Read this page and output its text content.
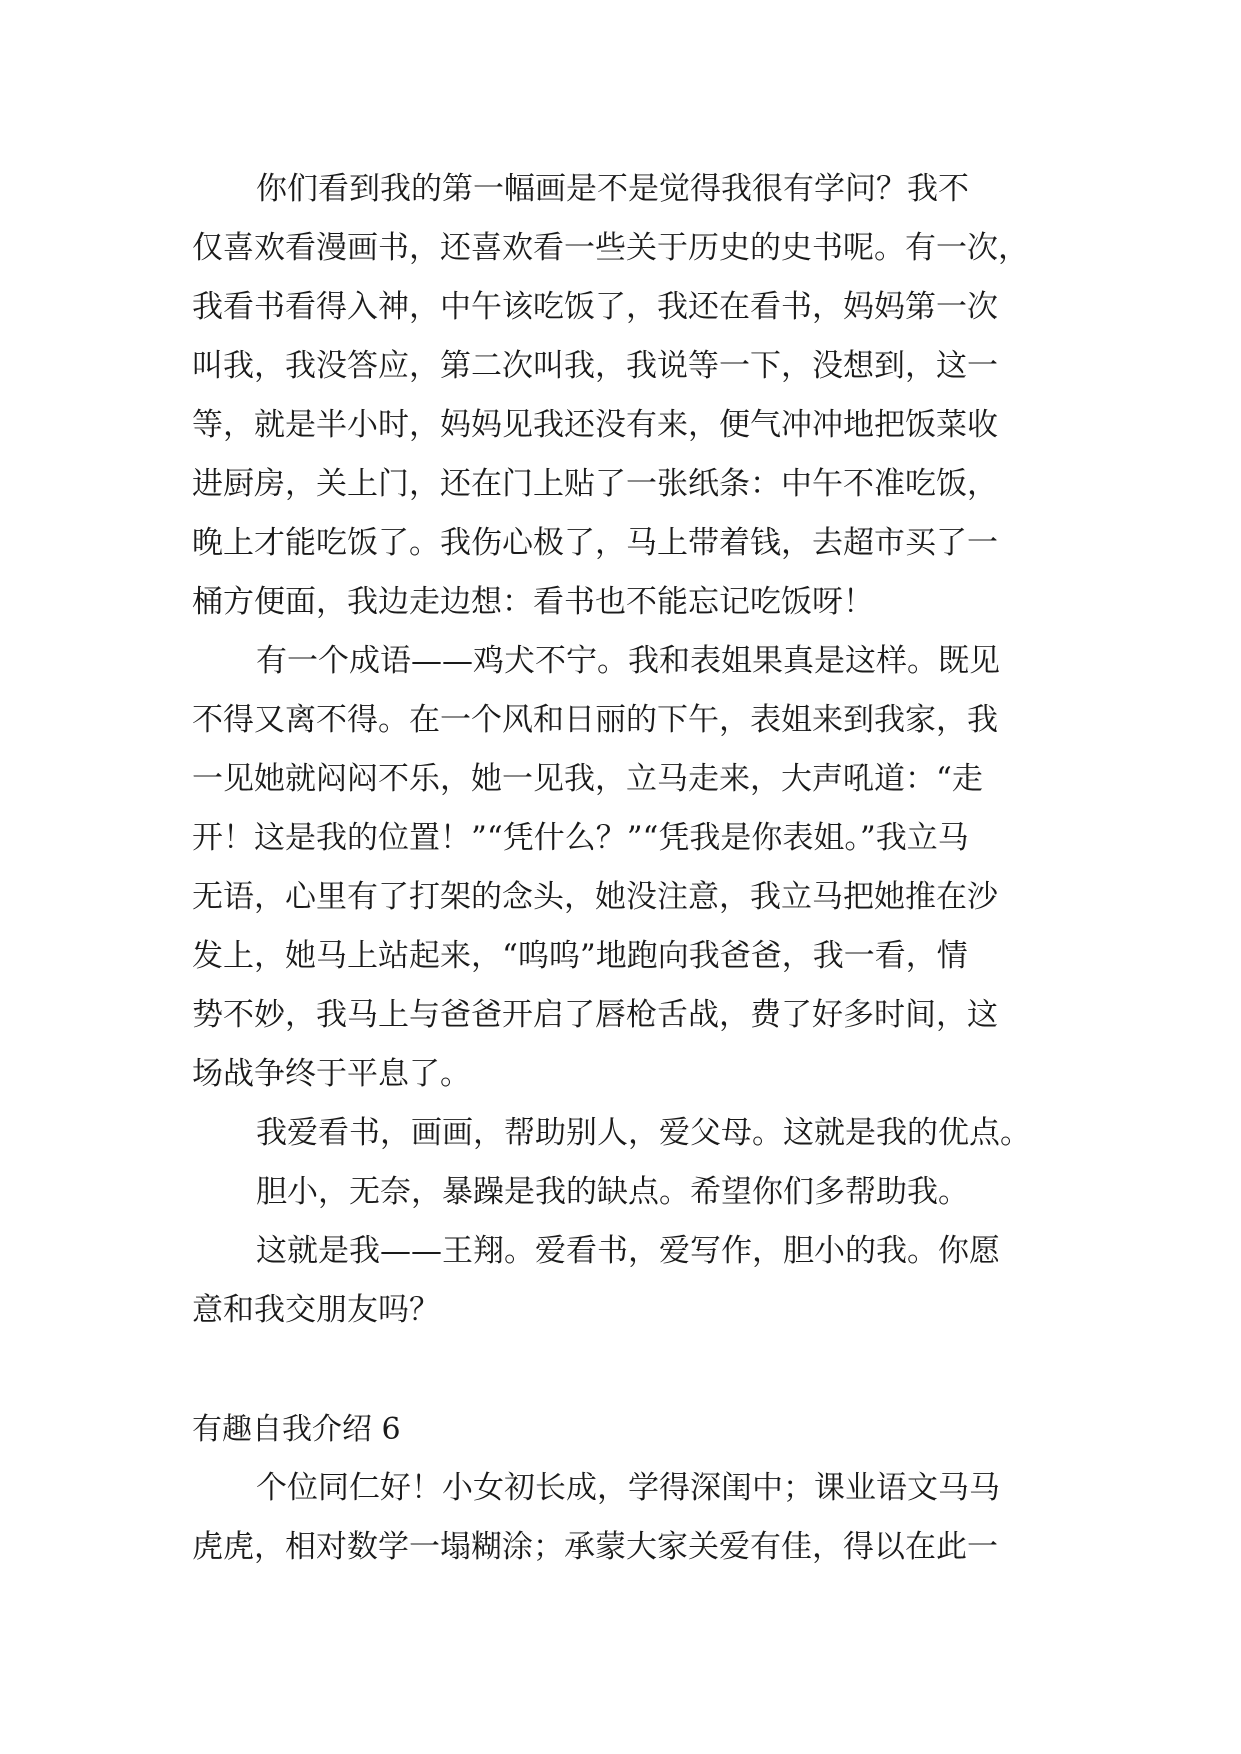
你们看到我的第一幅画是不是觉得我很有学问？我不
仅喜欢看漫画书，还喜欢看一些关于历史的史书呢。有一次，
我看书看得入神，中午该吃饭了，我还在看书，妈妈第一次
叫我，我没答应，第二次叫我，我说等一下，没想到，这一
等，就是半小时，妈妈见我还没有来，便气冲冲地把饭菜收
进厨房，关上门，还在门上贴了一张纸条：中午不准吃饭，
晚上才能吃饭了。我伤心极了，马上带着钱，去超市买了一
桶方便面，我边走边想：看书也不能忘记吃饭呀！

有一个成语——鸡犬不宁。我和表姐果真是这样。既见
不得又离不得。在一个风和日丽的下午，表姐来到我家，我
一见她就闷闷不乐，她一见我，立马走来，大声吼道：“走
开！这是我的位置！”“凭什么？”“凭我是你表姐。”我立马
无语，心里有了打架的念头，她没注意，我立马把她推在沙
发上，她马上站起来，“呜呜”地跑向我爸爸，我一看，情
势不妙，我马上与爸爸开启了唇枪舌战，费了好多时间，这
场战争终于平息了。

我爱看书，画画，帮助别人，爱父母。这就是我的优点。

胆小，无奈，暴躁是我的缺点。希望你们多帮助我。

这就是我——王翔。爱看书，爱写作，胆小的我。你愿
意和我交朋友吗？

有趣自我介绍 6

个位同仁好！小女初长成，学得深闺中；课业语文马马
虎虎，相对数学一塌糊涂；承蒙大家关爱有佳，得以在此一
